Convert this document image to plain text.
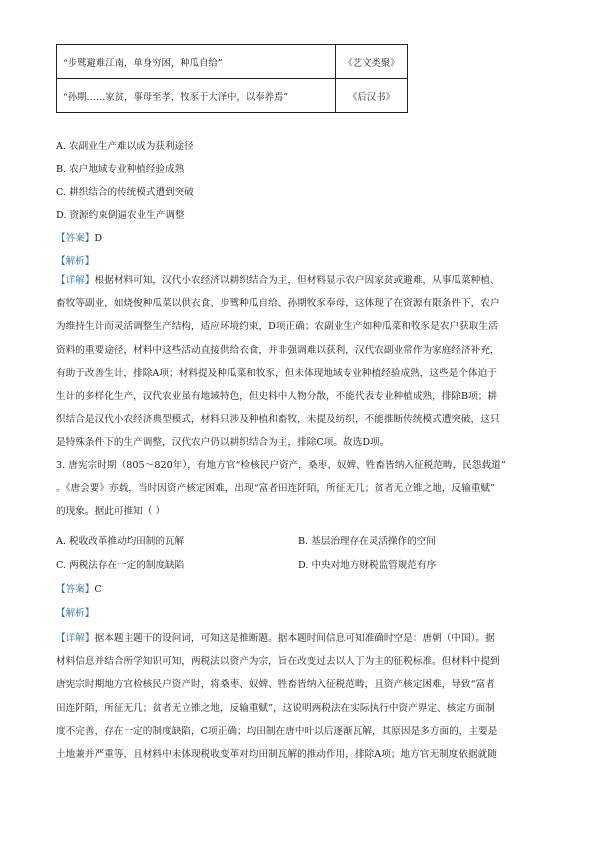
“步骘避难江南，单身穷困，种瓜自给”	《艺文类聚》
“孙期……家贫，事母至孝，牧豕于大泽中，以奉养焉”	《后汉书》
A. 农副业生产难以成为获利途径
B. 农户地域专业种植经验成熟
C. 耕织结合的传统模式遭到突破
D. 资源约束倒逼农业生产调整
【答案】D
【解析】
【详解】根据材料可知，汉代小农经济以耕织结合为主，但材料显示农户因家贫或避难，从事瓜菜种植、
畜牧等副业，如烧俊种瓜菜以供衣食、步骘种瓜自给、孙期牧豕奉母，这体现了在资源有限条件下，农户
为维持生计而灵活调整生产结构，适应环境约束，D项正确；农副业生产如种瓜菜和牧豕是农户获取生活
资料的重要途径，材料中这些活动直接供给衣食，并非强调难以获利，汉代农副业常作为家庭经济补充，
有助于改善生计，排除A项；材料提及种瓜菜和牧豕，但未体现地域专业种植经验成熟，这些是个体迫于
生计的多样化生产，汉代农业虽有地域特色，但史料中人物分散，不能代表专业种植成熟，排除B项；耕
织结合是汉代小农经济典型模式，材料只涉及种植和畜牧，未提及纺织，不能推断传统模式遭突破，这只
是特殊条件下的生产调整，汉代农户仍以耕织结合为主，排除C项。故选D项。
3. 唐宪宗时期（805～820年），有地方官“检核民户资产，桑枣、奴婢、牲畜皆纳入征税范畴，民怨载道”
。《唐会要》亦载，当时因资产核定困难，出现“富者田连阡陌，所征无几；贫者无立锥之地，反输重赋”
的现象。据此可推知（ ）
A. 税收改革推动均田制的瓦解	B. 基层治理存在灵活操作的空间
C. 两税法存在一定的制度缺陷	D. 中央对地方财税监管规范有序
【答案】C
【解析】
【详解】据本题主题干的设问词，可知这是推断题。据本题时间信息可知准确时空是：唐朝（中国）。据
材料信息并结合所学知识可知，两税法以资产为宗，旨在改变过去以人丁为主的征税标准。但材料中提到
唐宪宗时期地方官检核民户资产时，将桑枣、奴婢、牲畜皆纳入征税范畴，且资产核定困难，导致“富者
田连阡陌，所征无几；贫者无立锥之地，反输重赋”，这说明两税法在实际执行中资产界定、核定方面制
度不完善，存在一定的制度缺陷，C项正确；均田制在唐中叶以后逐渐瓦解，其原因是多方面的，主要是
土地兼并严重等，且材料中未体现税收变革对均田制瓦解的推动作用，排除A项；地方官无制度依据就随
